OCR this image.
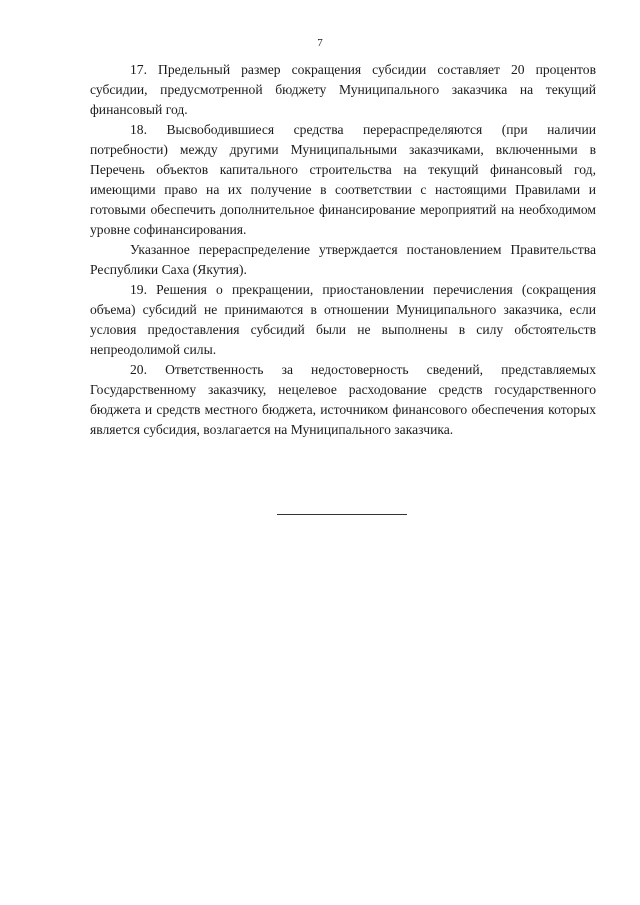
7

17. Предельный размер сокращения субсидии составляет 20 процентов субсидии, предусмотренной бюджету Муниципального заказчика на текущий финансовый год.

18. Высвободившиеся средства перераспределяются (при наличии потребности) между другими Муниципальными заказчиками, включенными в Перечень объектов капитального строительства на текущий финансовый год, имеющими право на их получение в соответствии с настоящими Правилами и готовыми обеспечить дополнительное финансирование мероприятий на необходимом уровне софинансирования.

Указанное перераспределение утверждается постановлением Правительства Республики Саха (Якутия).

19. Решения о прекращении, приостановлении перечисления (сокращения объема) субсидий не принимаются в отношении Муниципального заказчика, если условия предоставления субсидий были не выполнены в силу обстоятельств непреодолимой силы.

20. Ответственность за недостоверность сведений, представляемых Государственному заказчику, нецелевое расходование средств государственного бюджета и средств местного бюджета, источником финансового обеспечения которых является субсидия, возлагается на Муниципального заказчика.
